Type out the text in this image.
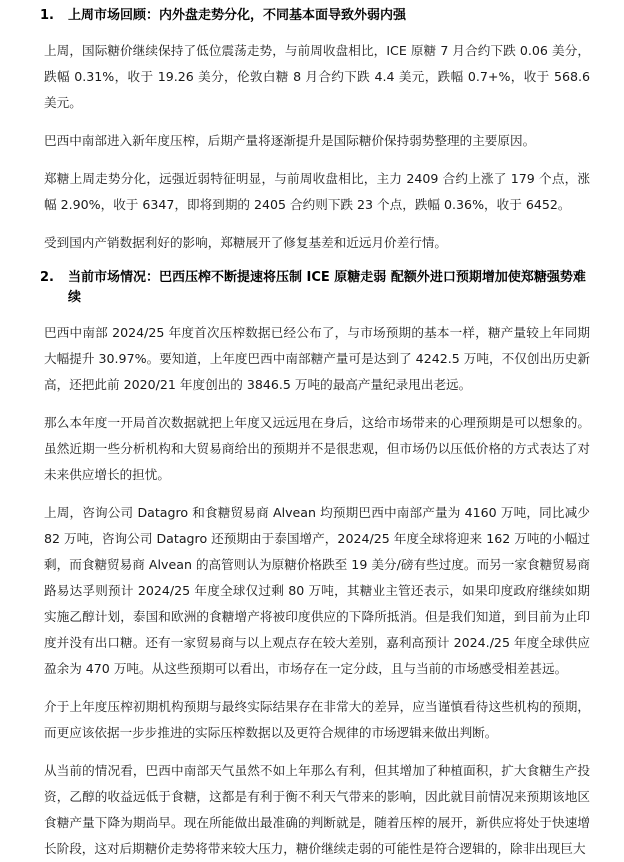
1.	上周市场回顾：内外盘走势分化，不同基本面导致外弱内强

上周，国际糖价继续保持了低位震荡走势，与前周收盘相比，ICE 原糖 7 月合约下跌 0.06 美分，跌幅 0.31%，收于 19.26 美分，伦敦白糖 8 月合约下跌 4.4 美元，跌幅 0.7+%，收于 568.6 美元。

巴西中南部进入新年度压榨，后期产量将逐渐提升是国际糖价保持弱势整理的主要原因。

郑糖上周走势分化，远强近弱特征明显，与前周收盘相比，主力 2409 合约上涨了 179 个点，涨幅 2.90%，收于 6347，即将到期的 2405 合约则下跌 23 个点，跌幅 0.36%，收于 6452。

受到国内产销数据利好的影响，郑糖展开了修复基差和近远月价差行情。

2.	当前市场情况：巴西压榨不断提速将压制 ICE 原糖走弱 配额外进口预期增加使郑糖强势难续

巴西中南部 2024/25 年度首次压榨数据已经公布了，与市场预期的基本一样，糖产量较上年同期大幅提升 30.97%。要知道，上年度巴西中南部糖产量可是达到了 4242.5 万吨，不仅创出历史新高，还把此前 2020/21 年度创出的 3846.5 万吨的最高产量纪录甩出老远。

那么本年度一开局首次数据就把上年度又远远甩在身后，这给市场带来的心理预期是可以想象的。虽然近期一些分析机构和大贸易商给出的预期并不是很悲观，但市场仍以压低价格的方式表达了对未来供应增长的担忧。

上周，咨询公司 Datagro 和食糖贸易商 Alvean 均预期巴西中南部产量为 4160 万吨，同比减少 82 万吨，咨询公司 Datagro 还预期由于泰国增产，2024/25 年度全球将迎来 162 万吨的小幅过剩，而食糖贸易商 Alvean 的高管则认为原糖价格跌至 19 美分/磅有些过度。而另一家食糖贸易商路易达孚则预计 2024/25 年度全球仅过剩 80 万吨，其糖业主管还表示，如果印度政府继续如期实施乙醇计划，泰国和欧洲的食糖增产将被印度供应的下降所抵消。但是我们知道，到目前为止印度并没有出口糖。还有一家贸易商与以上观点存在较大差别，嘉利高预计 2024./25 年度全球供应盈余为 470 万吨。从这些预期可以看出，市场存在一定分歧，且与当前的市场感受相差甚远。

介于上年度压榨初期机构预期与最终实际结果存在非常大的差异，应当谨慎看待这些机构的预期，而更应该依据一步步推进的实际压榨数据以及更符合规律的市场逻辑来做出判断。

从当前的情况看，巴西中南部天气虽然不如上年那么有利，但其增加了种植面积，扩大食糖生产投资，乙醇的收益远低于食糖，这都是有利于衡不利天气带来的影响，因此就目前情况来预期该地区食糖产量下降为期尚早。现在所能做出最准确的判断就是，随着压榨的展开，新供应将处于快速增长阶段，这对后期糖价走势将带来较大压力，糖价继续走弱的可能性是符合逻辑的，除非出现巨大
